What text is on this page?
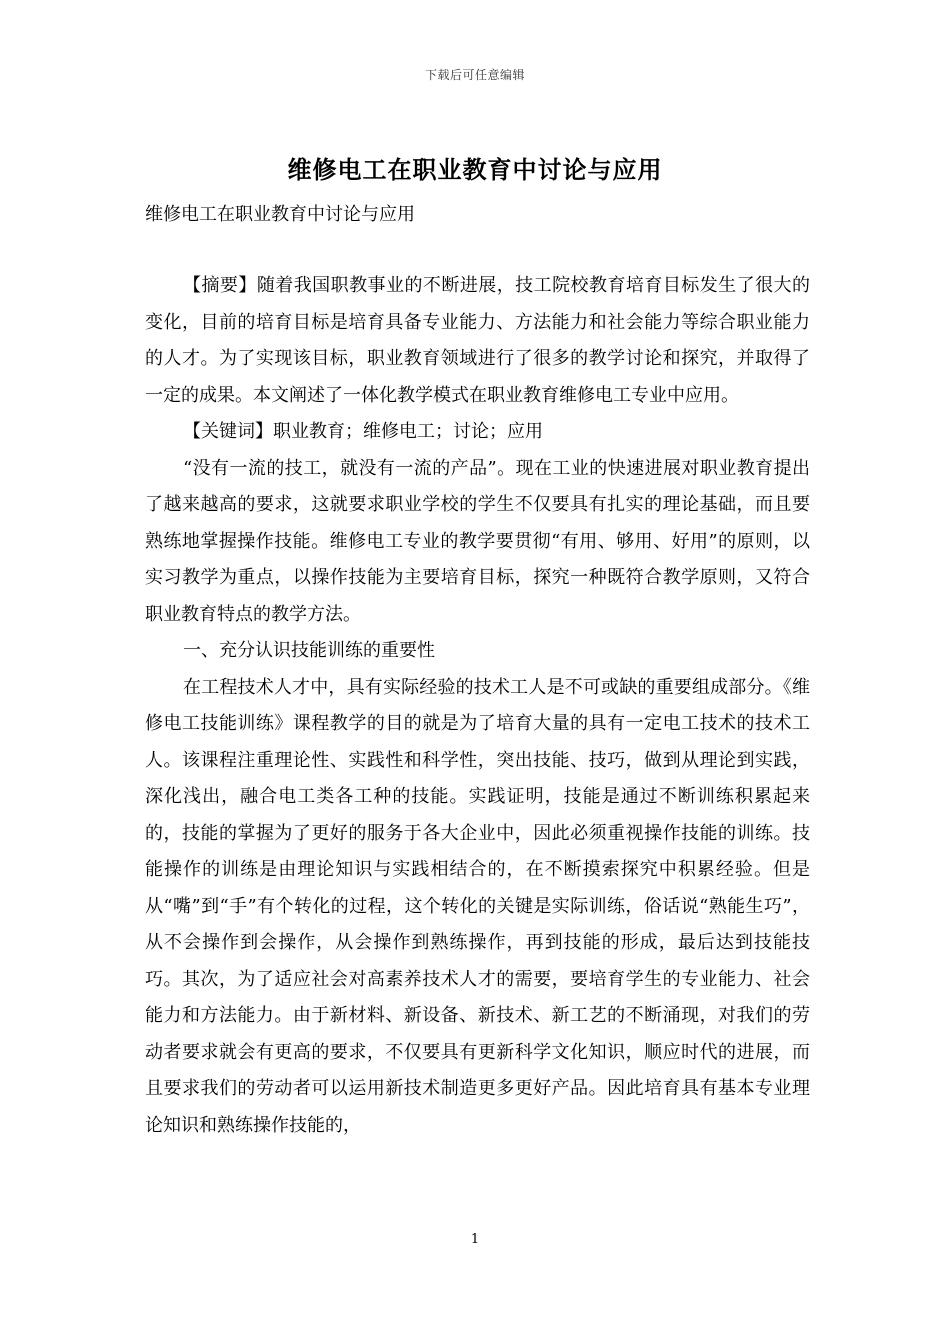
下载后可任意编辑
维修电工在职业教育中讨论与应用
维修电工在职业教育中讨论与应用

【摘要】随着我国职教事业的不断进展，技工院校教育培育目标发生了很大的变化，目前的培育目标是培育具备专业能力、方法能力和社会能力等综合职业能力的人才。为了实现该目标，职业教育领域进行了很多的教学讨论和探究，并取得了一定的成果。本文阐述了一体化教学模式在职业教育维修电工专业中应用。

【关键词】职业教育；维修电工；讨论；应用

“没有一流的技工，就没有一流的产品”。现在工业的快速进展对职业教育提出了越来越高的要求，这就要求职业学校的学生不仅要具有扎实的理论基础，而且要熟练地掌握操作技能。维修电工专业的教学要贯彻“有用、够用、好用”的原则，以实习教学为重点，以操作技能为主要培育目标，探究一种既符合教学原则，又符合职业教育特点的教学方法。

一、充分认识技能训练的重要性

在工程技术人才中，具有实际经验的技术工人是不可或缺的重要组成部分。《维修电工技能训练》课程教学的目的就是为了培育大量的具有一定电工技术的技术工人。该课程注重理论性、实践性和科学性，突出技能、技巧，做到从理论到实践，深化浅出，融合电工类各工种的技能。实践证明，技能是通过不断训练积累起来的，技能的掌握为了更好的服务于各大企业中，因此必须重视操作技能的训练。技能操作的训练是由理论知识与实践相结合的，在不断摸索探究中积累经验。但是从“嘴”到“手”有个转化的过程，这个转化的关键是实际训练，俗话说“熟能生巧”，从不会操作到会操作，从会操作到熟练操作，再到技能的形成，最后达到技能技巧。其次，为了适应社会对高素养技术人才的需要，要培育学生的专业能力、社会能力和方法能力。由于新材料、新设备、新技术、新工艺的不断涌现，对我们的劳动者要求就会有更高的要求，不仅要具有更新科学文化知识，顺应时代的进展，而且要求我们的劳动者可以运用新技术制造更多更好产品。因此培育具有基本专业理论知识和熟练操作技能的，

1
